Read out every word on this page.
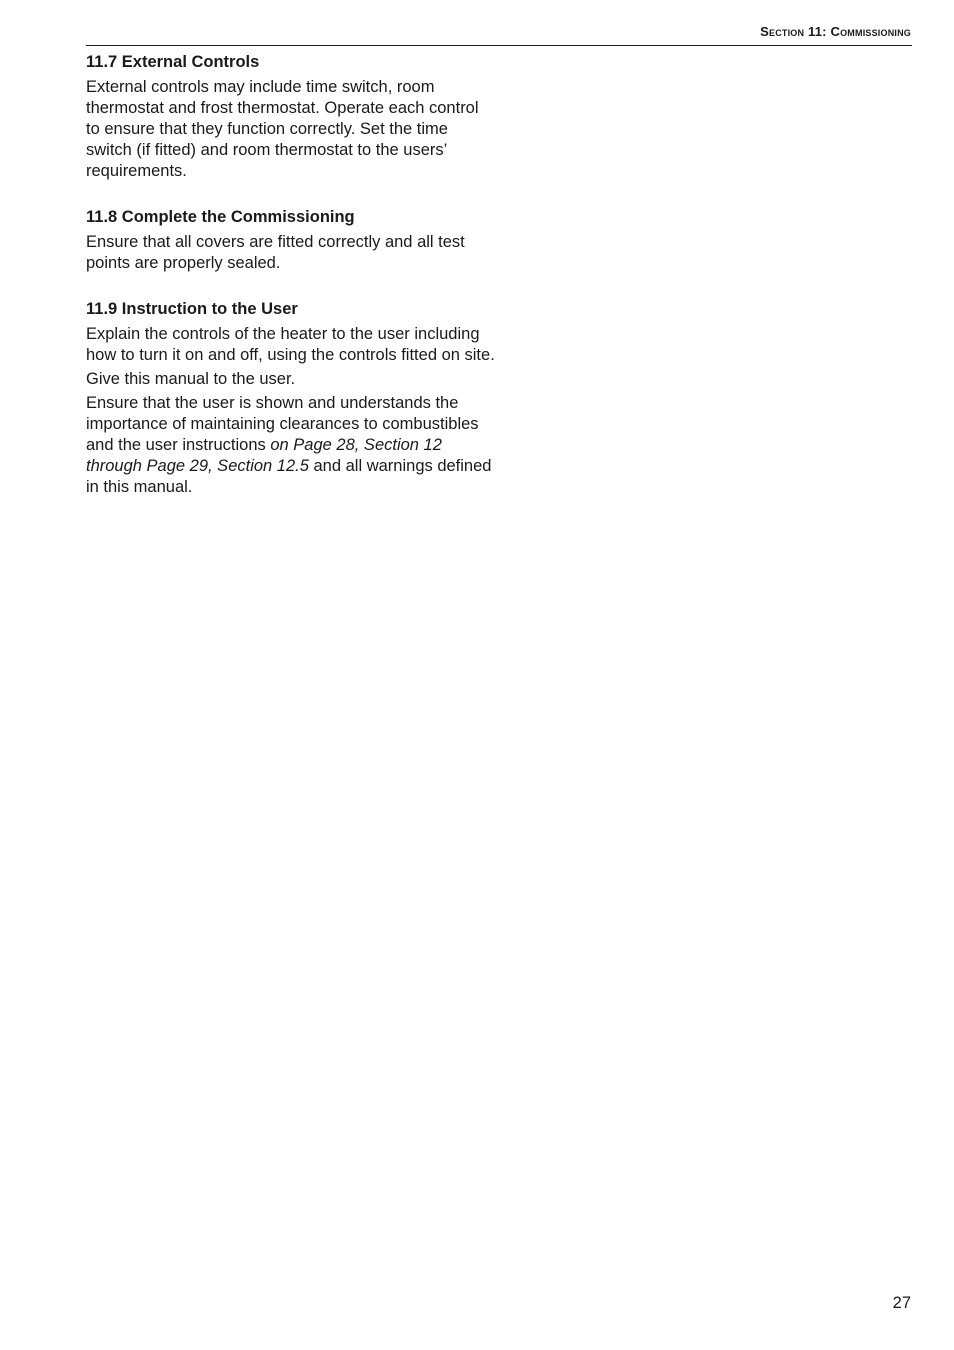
Section 11: Commissioning
11.7 External Controls

External controls may include time switch, room thermostat and frost thermostat. Operate each control to ensure that they function correctly. Set the time switch (if fitted) and room thermostat to the users’ requirements.

11.8 Complete the Commissioning

Ensure that all covers are fitted correctly and all test points are properly sealed.

11.9 Instruction to the User

Explain the controls of the heater to the user including how to turn it on and off, using the controls fitted on site.

Give this manual to the user.

Ensure that the user is shown and understands the importance of maintaining clearances to combustibles and the user instructions on Page 28, Section 12 through Page 29, Section 12.5 and all warnings defined in this manual.

27
